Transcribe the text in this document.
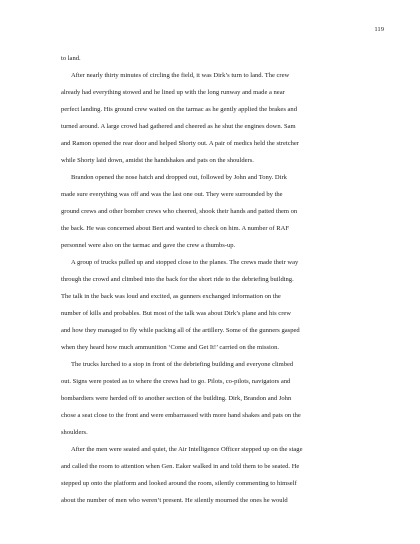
119

to land.
After nearly thirty minutes of circling the field, it was Dirk’s turn to land. The crew
already had everything stowed and he lined up with the long runway and made a near
perfect landing. His ground crew waited on the tarmac as he gently applied the brakes and
turned around. A large crowd had gathered and cheered as he shut the engines down. Sam
and Ramon opened the rear door and helped Shorty out. A pair of medics held the stretcher
while Shorty laid down, amidst the handshakes and pats on the shoulders.
Brandon opened the nose hatch and dropped out, followed by John and Tony. Dirk
made sure everything was off and was the last one out. They were surrounded by the
ground crews and other bomber crews who cheered, shook their hands and patted them on
the back. He was concerned about Bert and wanted to check on him. A number of RAF
personnel were also on the tarmac and gave the crew a thumbs-up.
A group of trucks pulled up and stopped close to the planes. The crews made their way
through the crowd and climbed into the back for the short ride to the debriefing building.
The talk in the back was loud and excited, as gunners exchanged information on the
number of kills and probables. But most of the talk was about Dirk’s plane and his crew
and how they managed to fly while packing all of the artillery. Some of the gunners gasped
when they heard how much ammunition ‘Come and Get It!’ carried on the mission.
The trucks lurched to a stop in front of the debriefing building and everyone climbed
out. Signs were posted as to where the crews had to go. Pilots, co-pilots, navigators and
bombardiers were herded off to another section of the building. Dirk, Brandon and John
chose a seat close to the front and were embarrassed with more hand shakes and pats on the
shoulders.
After the men were seated and quiet, the Air Intelligence Officer stepped up on the stage
and called the room to attention when Gen. Eaker walked in and told them to be seated. He
stepped up onto the platform and looked around the room, silently commenting to himself
about the number of men who weren’t present. He silently mourned the ones he would
